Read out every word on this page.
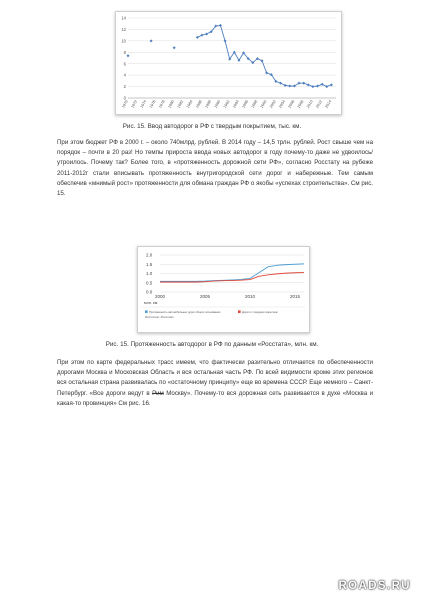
0
2
4
6
8
10
12
14
1970 1972 1974 1976 1978 1980 1982 1984 1986 1988 1990 1992 1994 1996 1998 2000 2002 2004 2006 2008 2010 2012 2014
Рис. 15. Ввод автодорог в РФ с твердым покрытием, тыс. км.

При этом бюджет РФ в 2000 г. – около 740млрд. рублей. В 2014 году – 14,5 трлн. рублей. Рост свыше чем на порядок – почти в 20 раз! Но темпы прироста ввода новых автодорог в году почему-то даже не удвоилось/утроилось. Почему так? Более того, в «протяженность дорожной сети РФ», согласно Росстату на рубеже 2011-2012г стали вписывать протяженность внутригородской сети дорог и набережные. Тем самым обеспечив «мнимый рост» протяженности для обмана граждан РФ о якобы «успехах строительства». См рис. 15.

0.0
0.5
1.0
1.5
2.0
2000	2005	2010	2015
млн. км
Протяженность автомобильных дорог общего пользования	Дороги с твердым покрытием
Источник: Росстат
Рис. 15. Протяженность автодорог в РФ по данным «Росстата», млн. км.

При этом по карте федеральных трасс имеем, что фактически разительно отличается по обеспеченности дорогами Москва и Московская Область и вся остальная часть РФ. По всей видимости кроме этих регионов вся остальная страна развивалась по «остаточному принципу» еще во времена СССР. Еще немного – Санкт-Петербург. «Все дороги ведут в Рим Москву». Почему-то вся дорожная сеть развивается в духе «Москва и какая-то провинция» См рис. 16.

ROADS.RU
